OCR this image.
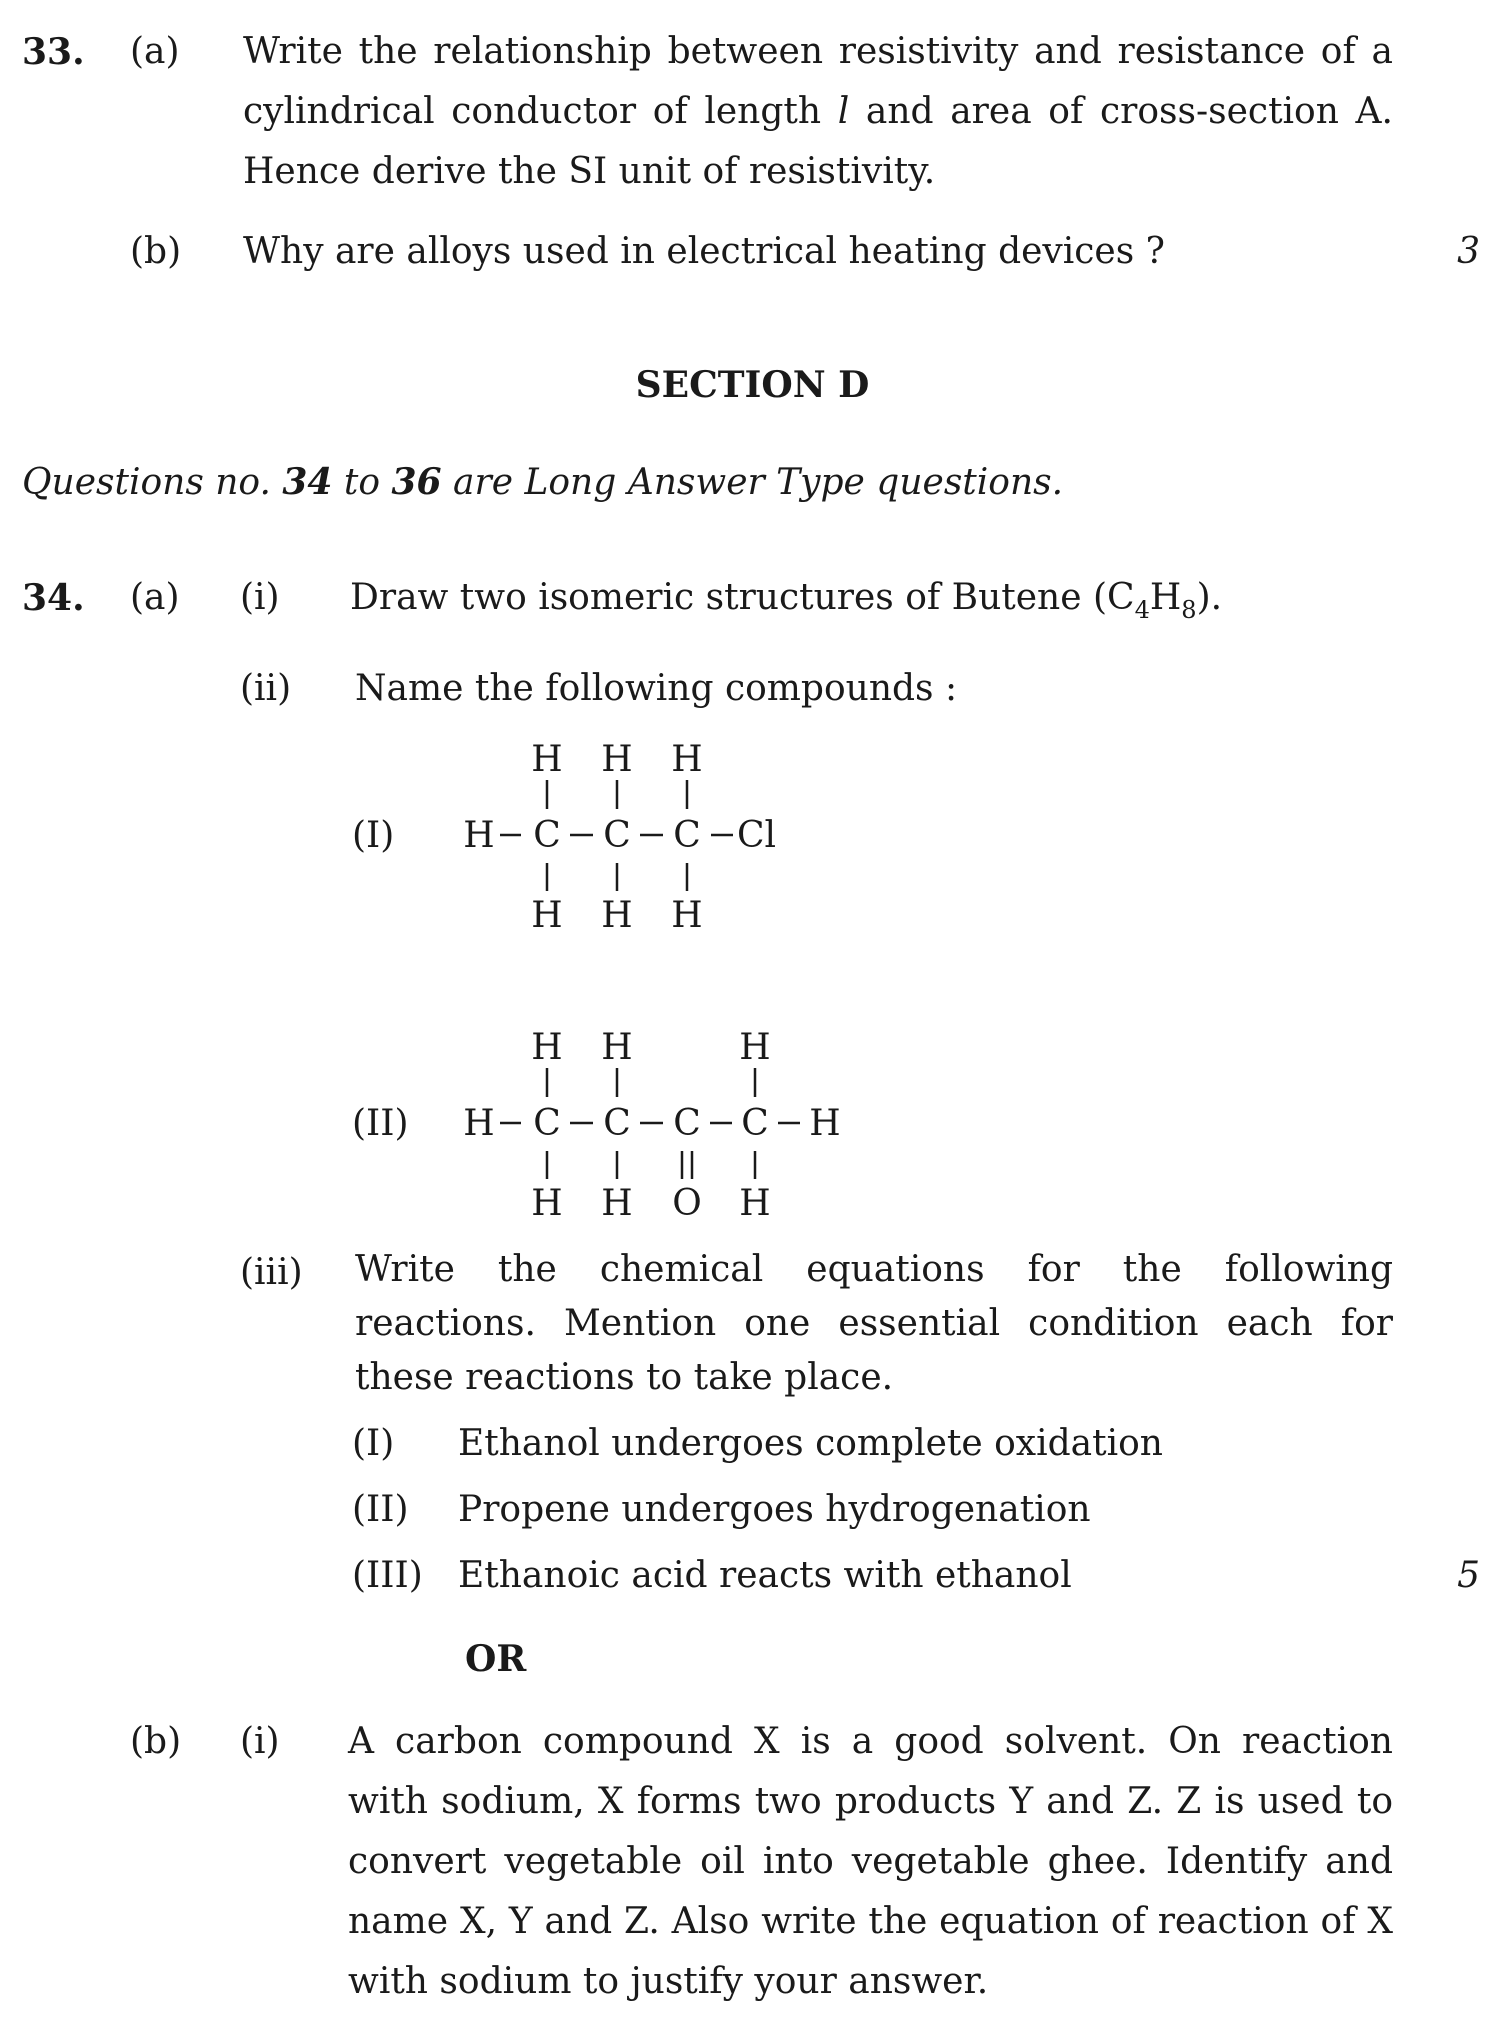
33. (a) Write the relationship between resistivity and resistance of a cylindrical conductor of length l and area of cross-section A. Hence derive the SI unit of resistivity.
(b) Why are alloys used in electrical heating devices ?	3
SECTION D
Questions no. 34 to 36 are Long Answer Type questions.
34. (a) (i) Draw two isomeric structures of Butene $(C_4H_8)$.
(ii) Name the following compounds :
(I)
H H H
H C C C Cl
H H H
(II)
H H	H
H C C C C H
H H O H
(iii) Write the chemical equations for the following reactions. Mention one essential condition each for these reactions to take place.
(I) Ethanol undergoes complete oxidation
(II) Propene undergoes hydrogenation
(III) Ethanoic acid reacts with ethanol	5
OR
(b) (i) A carbon compound X is a good solvent. On reaction with sodium, X forms two products Y and Z. Z is used to convert vegetable oil into vegetable ghee. Identify and name X, Y and Z. Also write the equation of reaction of X with sodium to justify your answer.
